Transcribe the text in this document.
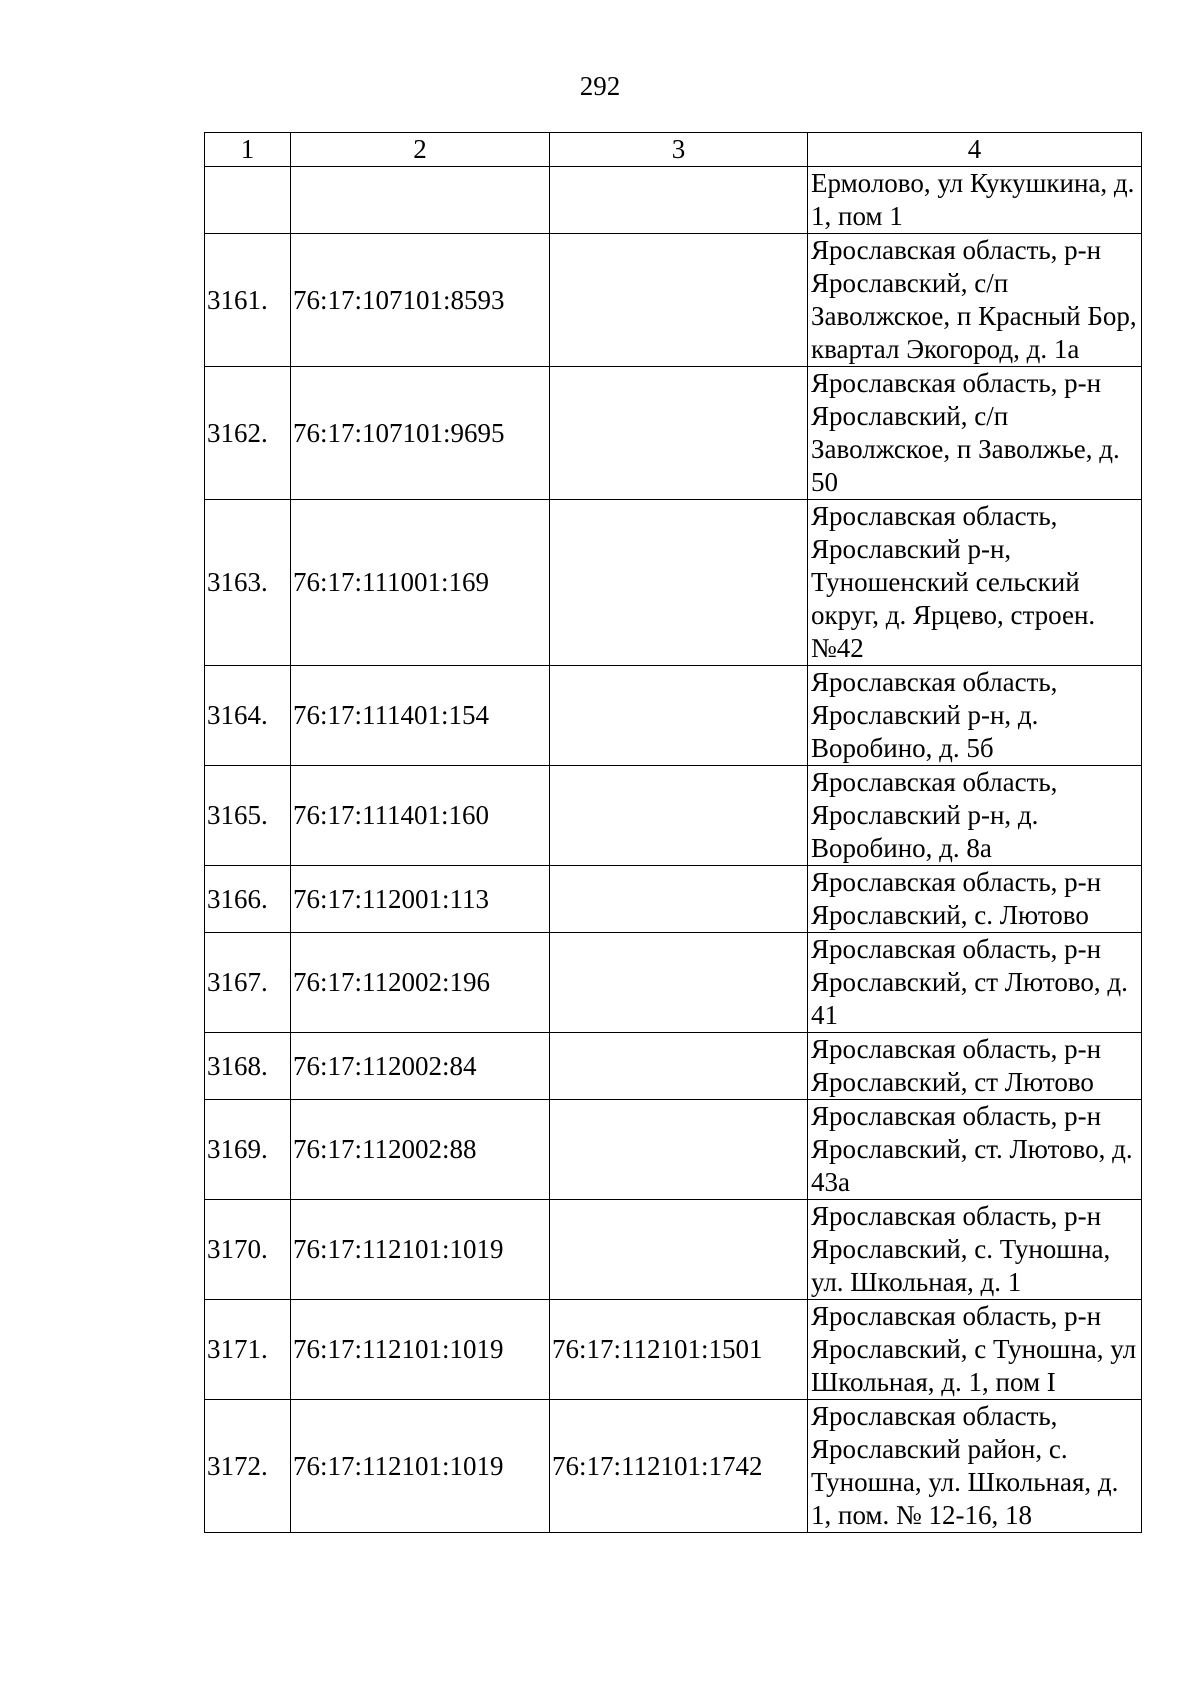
292
1	2	3	4
			Ермолово, ул Кукушкина, д. 1, пом 1
3161.	76:17:107101:8593		Ярославская область, р-н Ярославский, с/п Заволжское, п Красный Бор, квартал Экогород, д. 1а
3162.	76:17:107101:9695		Ярославская область, р-н Ярославский, с/п Заволжское, п Заволжье, д. 50
3163.	76:17:111001:169		Ярославская область, Ярославский р-н, Туношенский сельский округ, д. Ярцево, строен. №42
3164.	76:17:111401:154		Ярославская область, Ярославский р-н, д. Воробино, д. 5б
3165.	76:17:111401:160		Ярославская область, Ярославский р-н, д. Воробино, д. 8а
3166.	76:17:112001:113		Ярославская область, р-н Ярославский, с. Лютово
3167.	76:17:112002:196		Ярославская область, р-н Ярославский, ст Лютово, д. 41
3168.	76:17:112002:84		Ярославская область, р-н Ярославский, ст Лютово
3169.	76:17:112002:88		Ярославская область, р-н Ярославский, ст. Лютово, д. 43а
3170.	76:17:112101:1019		Ярославская область, р-н Ярославский, с. Туношна, ул. Школьная, д. 1
3171.	76:17:112101:1019	76:17:112101:1501	Ярославская область, р-н Ярославский, с Туношна, ул Школьная, д. 1, пом I
3172.	76:17:112101:1019	76:17:112101:1742	Ярославская область, Ярославский район, с. Туношна, ул. Школьная, д. 1, пом. № 12-16, 18
